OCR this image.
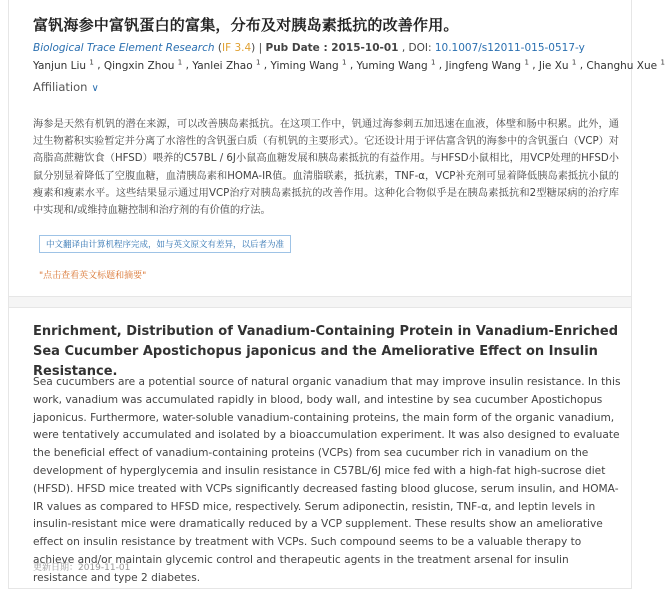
富钒海参中富钒蛋白的富集，分布及对胰岛素抵抗的改善作用。
Biological Trace Element Research (IF 3.4) | Pub Date : 2015-10-01 , DOI: 10.1007/s12011-015-0517-y
Yanjun Liu $^1$ , Qingxin Zhou $^1$ , Yanlei Zhao $^1$ , Yiming Wang $^1$ , Yuming Wang $^1$ , Jingfeng Wang $^1$ , Jie Xu $^1$ , Changhu Xue $^1$
Affiliation ∨
海参是天然有机钒的潜在来源，可以改善胰岛素抵抗。在这项工作中，钒通过海参刺五加迅速在血液，体壁和肠中积累。此外，通过生物蓄积实验暂定并分离了水溶性的含钒蛋白质（有机钒的主要形式）。它还设计用于评估富含钒的海参中的含钒蛋白（VCP）对高脂高蔗糖饮食（HFSD）喂养的C57BL / 6J小鼠高血糖发展和胰岛素抵抗的有益作用。与HFSD小鼠相比，用VCP处理的HFSD小鼠分别显着降低了空腹血糖，血清胰岛素和HOMA-IR值。血清脂联素，抵抗素，TNF-α，VCP补充剂可显着降低胰岛素抵抗小鼠的瘦素和瘦素水平。这些结果显示通过用VCP治疗对胰岛素抵抗的改善作用。这种化合物似乎是在胰岛素抵抗和2型糖尿病的治疗库中实现和/或维持血糖控制和治疗剂的有价值的疗法。
中文翻译由计算机程序完成，如与英文原文有差异，以后者为准
"点击查看英文标题和摘要"
Enrichment, Distribution of Vanadium-Containing Protein in Vanadium-Enriched Sea Cucumber Apostichopus japonicus and the Ameliorative Effect on Insulin Resistance.
Sea cucumbers are a potential source of natural organic vanadium that may improve insulin resistance. In this work, vanadium was accumulated rapidly in blood, body wall, and intestine by sea cucumber Apostichopus japonicus. Furthermore, water-soluble vanadium-containing proteins, the main form of the organic vanadium, were tentatively accumulated and isolated by a bioaccumulation experiment. It was also designed to evaluate the beneficial effect of vanadium-containing proteins (VCPs) from sea cucumber rich in vanadium on the development of hyperglycemia and insulin resistance in C57BL/6J mice fed with a high-fat high-sucrose diet (HFSD). HFSD mice treated with VCPs significantly decreased fasting blood glucose, serum insulin, and HOMA-IR values as compared to HFSD mice, respectively. Serum adiponectin, resistin, TNF-α, and leptin levels in insulin-resistant mice were dramatically reduced by a VCP supplement. These results show an ameliorative effect on insulin resistance by treatment with VCPs. Such compound seems to be a valuable therapy to achieve and/or maintain glycemic control and therapeutic agents in the treatment arsenal for insulin resistance and type 2 diabetes.
更新日期：2019-11-01
